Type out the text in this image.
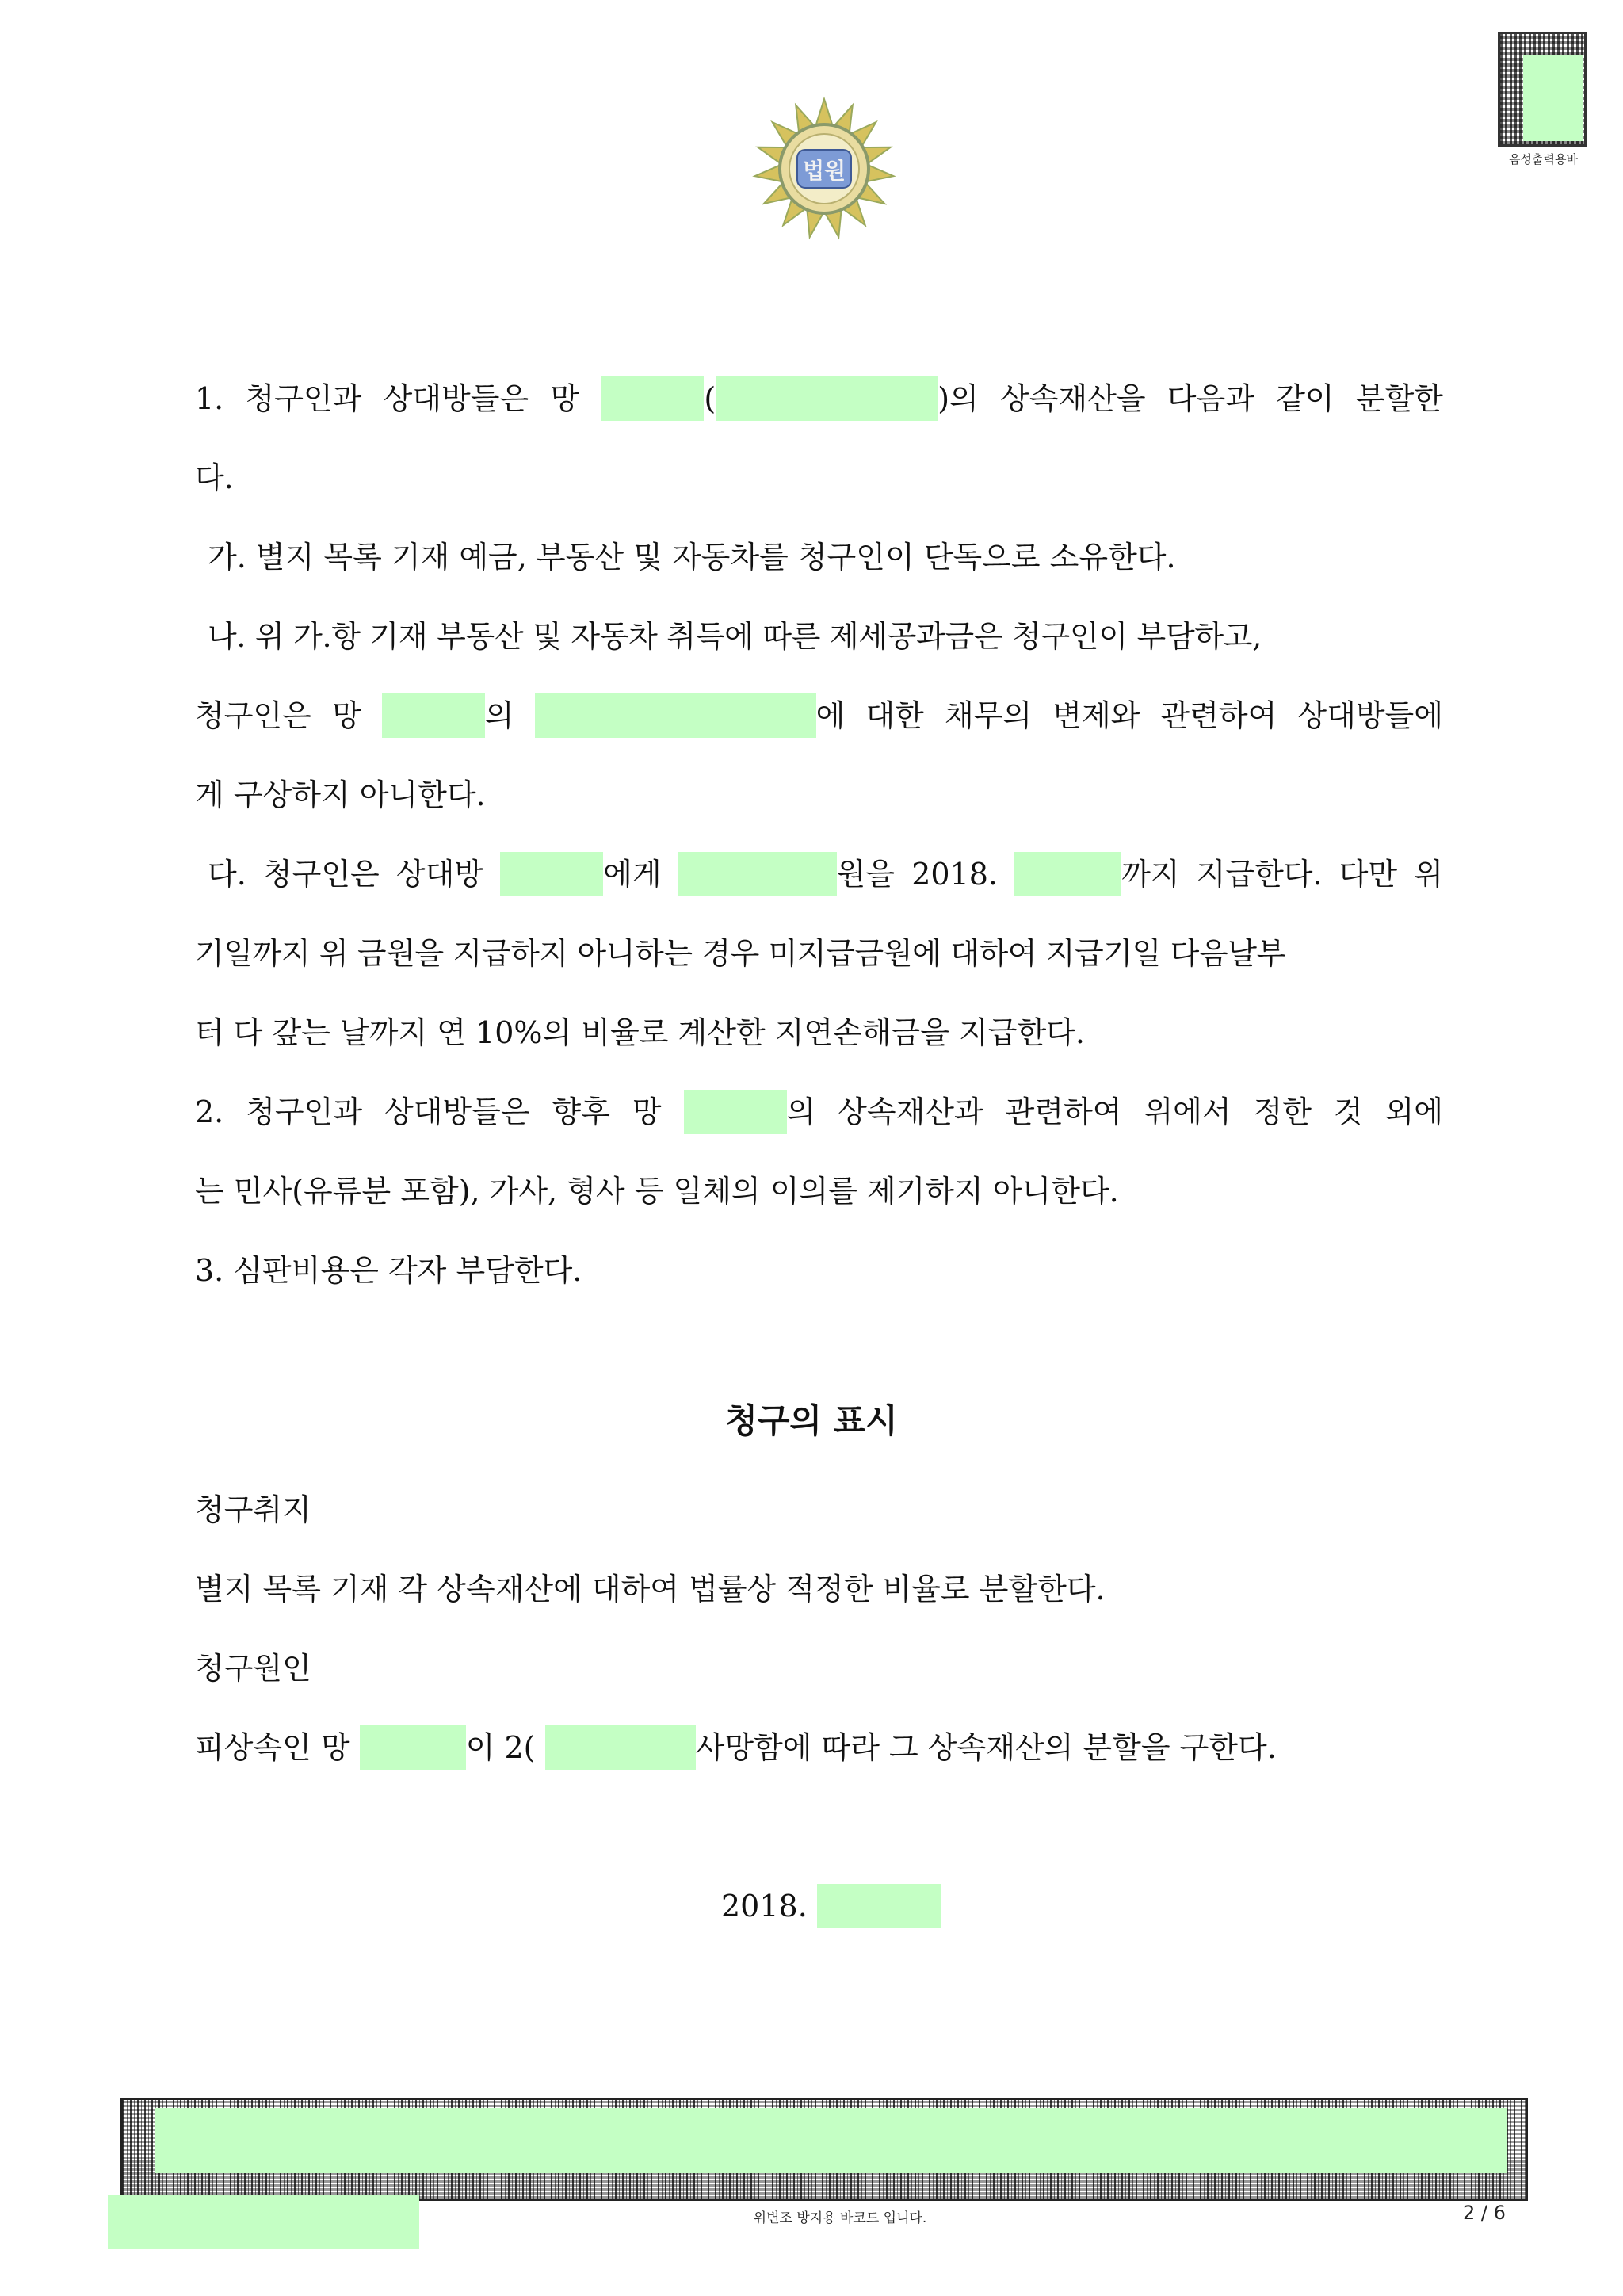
법원	음성출력용바
1. 청구인과 상대방들은 망	(	)의 상속재산을 다음과 같이 분할한
다.
가. 별지 목록 기재 예금, 부동산 및 자동차를 청구인이 단독으로 소유한다.
나. 위 가.항 기재 부동산 및 자동차 취득에 따른 제세공과금은 청구인이 부담하고,
청구인은 망	의	에 대한 채무의 변제와 관련하여 상대방들에
게 구상하지 아니한다.
다. 청구인은 상대방	에게	원을 2018.	까지 지급한다. 다만 위
기일까지 위 금원을 지급하지 아니하는 경우 미지급금원에 대하여 지급기일 다음날부
터 다 갚는 날까지 연 10%의 비율로 계산한 지연손해금을 지급한다.
2. 청구인과 상대방들은 향후 망	의 상속재산과 관련하여 위에서 정한 것 외에
는 민사(유류분 포함), 가사, 형사 등 일체의 이의를 제기하지 아니한다.
3. 심판비용은 각자 부담한다.
청구의 표시
청구취지
별지 목록 기재 각 상속재산에 대하여 법률상 적정한 비율로 분할한다.
청구원인
피상속인 망	이 2(	사망함에 따라 그 상속재산의 분할을 구한다.
2018.
위변조 방지용 바코드 입니다.	2 / 6
